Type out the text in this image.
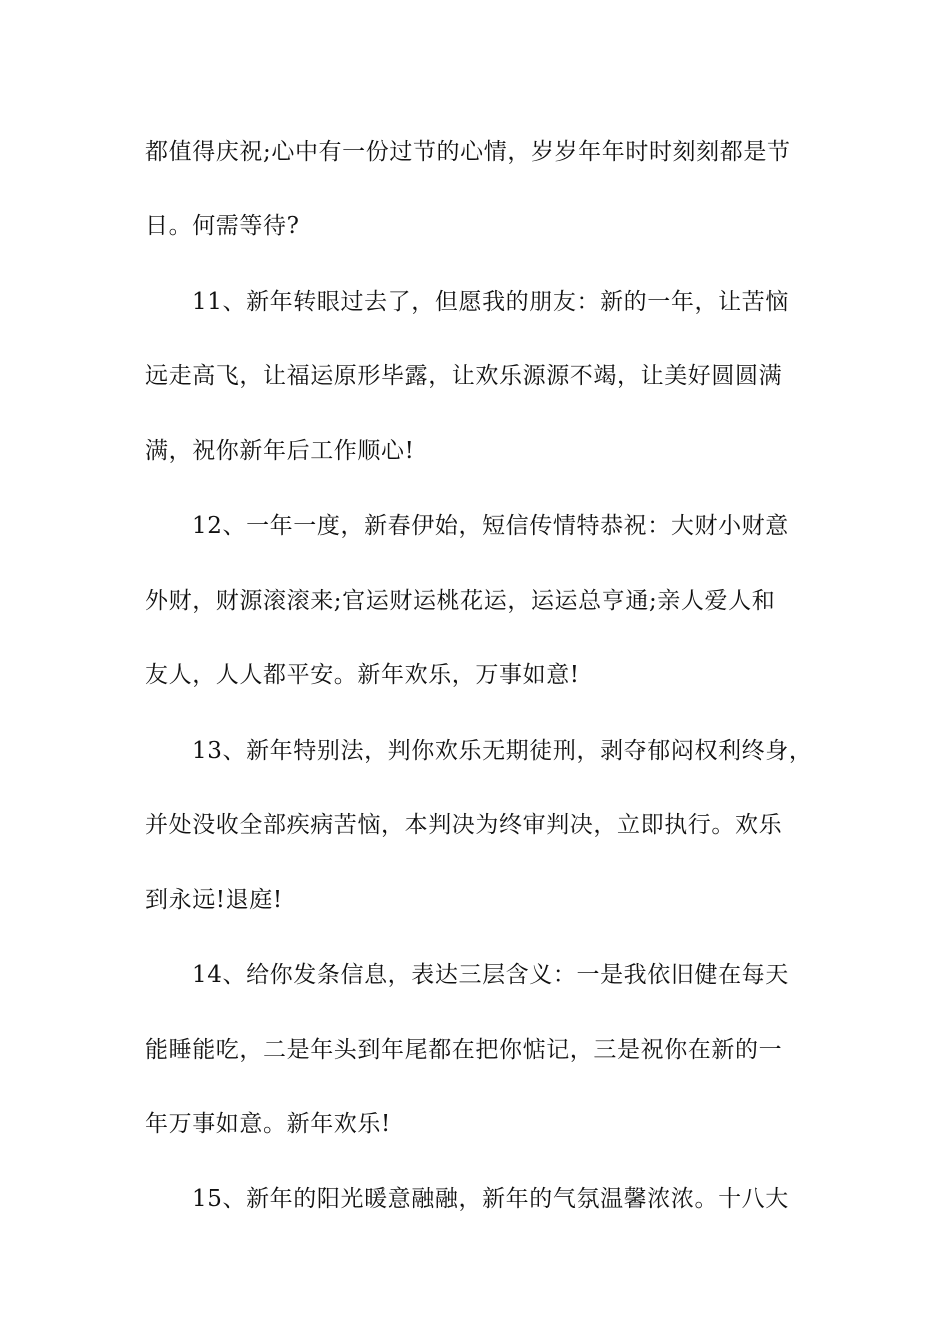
都值得庆祝;心中有一份过节的心情，岁岁年年时时刻刻都是节
日。何需等待?
11、新年转眼过去了，但愿我的朋友：新的一年，让苦恼
远走高飞，让福运原形毕露，让欢乐源源不竭，让美好圆圆满
满，祝你新年后工作顺心!
12、一年一度，新春伊始，短信传情特恭祝：大财小财意
外财，财源滚滚来;官运财运桃花运，运运总亨通;亲人爱人和
友人，人人都平安。新年欢乐，万事如意!
13、新年特别法，判你欢乐无期徒刑，剥夺郁闷权利终身，
并处没收全部疾病苦恼，本判决为终审判决，立即执行。欢乐
到永远!退庭!
14、给你发条信息，表达三层含义：一是我依旧健在每天
能睡能吃，二是年头到年尾都在把你惦记，三是祝你在新的一
年万事如意。新年欢乐!
15、新年的阳光暖意融融，新年的气氛温馨浓浓。十八大
